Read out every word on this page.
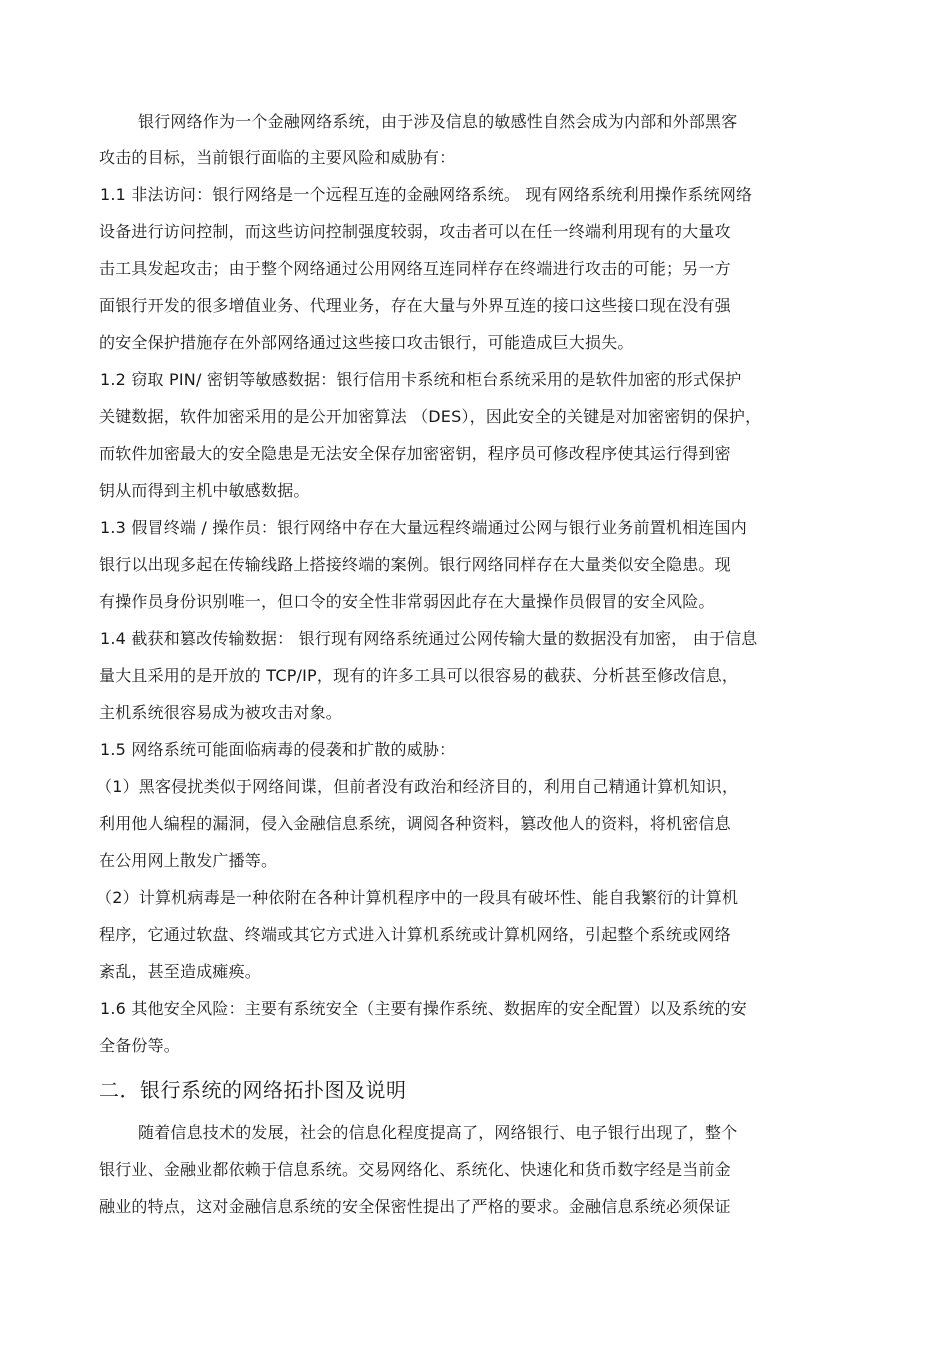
银行网络作为一个金融网络系统，由于涉及信息的敏感性自然会成为内部和外部黑客
攻击的目标，当前银行面临的主要风险和威胁有：
1.1 非法访问：银行网络是一个远程互连的金融网络系统。 现有网络系统利用操作系统网络
设备进行访问控制，而这些访问控制强度较弱，攻击者可以在任一终端利用现有的大量攻
击工具发起攻击；由于整个网络通过公用网络互连同样存在终端进行攻击的可能；另一方
面银行开发的很多增值业务、代理业务，存在大量与外界互连的接口这些接口现在没有强
的安全保护措施存在外部网络通过这些接口攻击银行，可能造成巨大损失。
1.2 窃取 PIN/ 密钥等敏感数据：银行信用卡系统和柜台系统采用的是软件加密的形式保护
关键数据，软件加密采用的是公开加密算法 （DES），因此安全的关键是对加密密钥的保护，
而软件加密最大的安全隐患是无法安全保存加密密钥，程序员可修改程序使其运行得到密
钥从而得到主机中敏感数据。
1.3 假冒终端 / 操作员：银行网络中存在大量远程终端通过公网与银行业务前置机相连国内
银行以出现多起在传输线路上搭接终端的案例。银行网络同样存在大量类似安全隐患。现
有操作员身份识别唯一，但口令的安全性非常弱因此存在大量操作员假冒的安全风险。
1.4 截获和篡改传输数据： 银行现有网络系统通过公网传输大量的数据没有加密， 由于信息
量大且采用的是开放的 TCP/IP，现有的许多工具可以很容易的截获、分析甚至修改信息，
主机系统很容易成为被攻击对象。
1.5 网络系统可能面临病毒的侵袭和扩散的威胁：
（1）黑客侵扰类似于网络间谍，但前者没有政治和经济目的，利用自己精通计算机知识，
利用他人编程的漏洞，侵入金融信息系统，调阅各种资料，篡改他人的资料，将机密信息
在公用网上散发广播等。
（2）计算机病毒是一种依附在各种计算机程序中的一段具有破坏性、能自我繁衍的计算机
程序，它通过软盘、终端或其它方式进入计算机系统或计算机网络，引起整个系统或网络
紊乱，甚至造成瘫痪。
1.6 其他安全风险：主要有系统安全（主要有操作系统、数据库的安全配置）以及系统的安
全备份等。
二．银行系统的网络拓扑图及说明
随着信息技术的发展，社会的信息化程度提高了，网络银行、电子银行出现了，整个
银行业、金融业都依赖于信息系统。交易网络化、系统化、快速化和货币数字经是当前金
融业的特点，这对金融信息系统的安全保密性提出了严格的要求。金融信息系统必须保证
